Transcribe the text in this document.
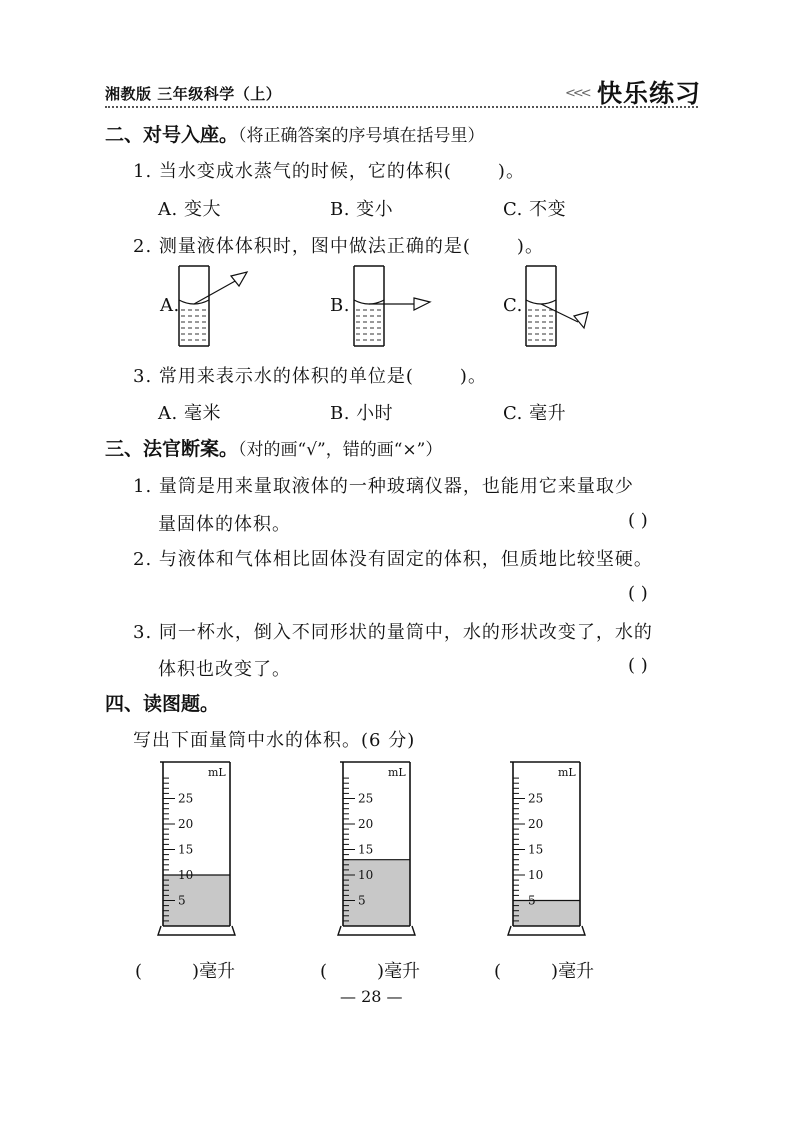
湘教版 三年级科学（上）	<<< 快乐练习
二、对号入座。（将正确答案的序号填在括号里）
1. 当水变成水蒸气的时候，它的体积(	)。
A. 变大	B. 变小	C. 不变
2. 测量液体体积时，图中做法正确的是(	)。
A.	B.	C.
3. 常用来表示水的体积的单位是(	)。
A. 毫米	B. 小时	C. 毫升
三、法官断案。（对的画“√”，错的画“×”）
1. 量筒是用来量取液体的一种玻璃仪器，也能用它来量取少
量固体的体积。	( )
2. 与液体和气体相比固体没有固定的体积，但质地比较坚硬。
( )
3. 同一杯水，倒入不同形状的量筒中，水的形状改变了，水的
体积也改变了。	( )
四、读图题。
写出下面量筒中水的体积。(6 分)
25
20
15
10
5
mL
25
20
15
10
5
mL
25
20
15
10
5
mL
(	)毫升	(	)毫升	(	)毫升
— 28 —
